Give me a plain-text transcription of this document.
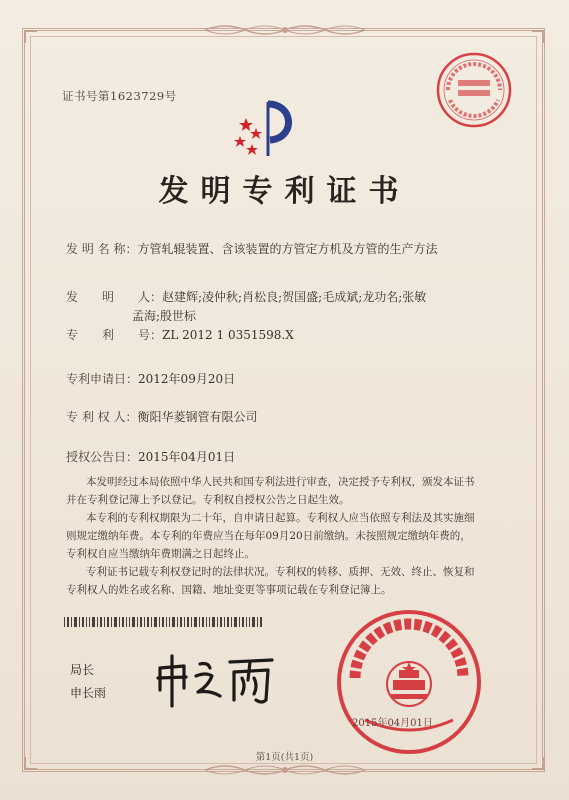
证书号第1623729号
发明专利证书
发 明 名 称：方管轧辊装置、含该装置的方管定方机及方管的生产方法
发　　明　　人：赵建辉;凌仲秋;肖松良;贺国盛;毛成斌;龙功名;张敏
孟海;殷世标
专　　利　　号：ZL 2012 1 0351598.X
专利申请日：2012年09月20日
专 利 权 人：衡阳华菱钢管有限公司
授权公告日：2015年04月01日
本发明经过本局依照中华人民共和国专利法进行审查，决定授予专利权，颁发本证书
并在专利登记簿上予以登记。专利权自授权公告之日起生效。
本专利的专利权期限为二十年，自申请日起算。专利权人应当依照专利法及其实施细
则规定缴纳年费。本专利的年费应当在每年09月20日前缴纳。未按照规定缴纳年费的，
专利权自应当缴纳年费期满之日起终止。
专利证书记载专利权登记时的法律状况。专利权的转移、质押、无效、终止、恢复和
专利权人的姓名或名称、国籍、地址变更等事项记载在专利登记簿上。
局长
申长雨
2015年04月01日
第1页(共1页)
